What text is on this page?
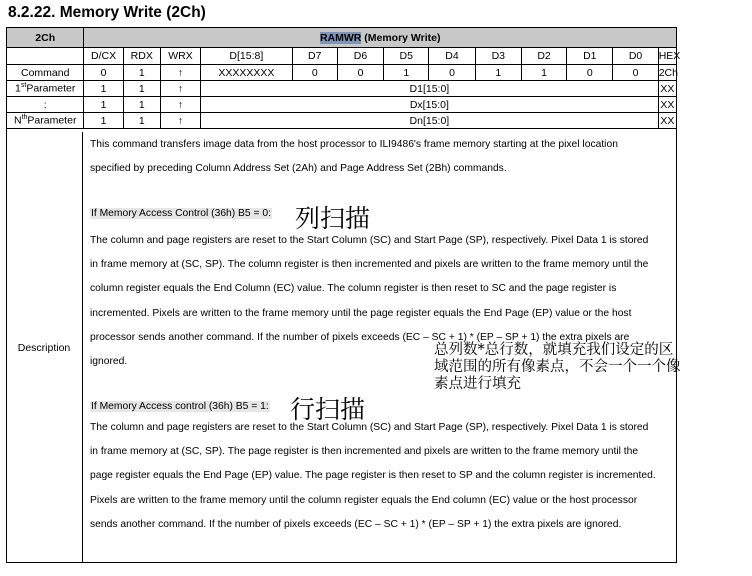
8.2.22. Memory Write (2Ch)
2Ch	RAMWR (Memory Write)												
	D/CX	RDX	WRX	D[15:8]	D7	D6	D5	D4	D3	D2	D1	D0	HEX
Command	0	1	↑	XXXXXXXX	0	0	1	0	1	1	0	0	2Ch
1stParameter	1	1	↑	D1[15:0]									XX
:	1	1	↑	Dx[15:0]									XX
$N^{th}Parameter$	1	1	↑	Dn[15:0]									XX
Description
This command transfers image data from the host processor to ILI9486's frame memory starting at the pixel location
specified by preceding Column Address Set (2Ah) and Page Address Set (2Bh) commands.
If Memory Access Control (36h) B5 = 0: 列扫描
The column and page registers are reset to the Start Column (SC) and Start Page (SP), respectively. Pixel Data 1 is stored
in frame memory at (SC, SP). The column register is then incremented and pixels are written to the frame memory until the
column register equals the End Column (EC) value. The column register is then reset to SC and the page register is
incremented. Pixels are written to the frame memory until the page register equals the End Page (EP) value or the host
processor sends another command. If the number of pixels exceeds (EC – SC + 1) * (EP – SP + 1) the extra pixels are
ignored.
If Memory Access control (36h) B5 = 1: 行扫描
The column and page registers are reset to the Start Column (SC) and Start Page (SP), respectively. Pixel Data 1 is stored
in frame memory at (SC, SP). The page register is then incremented and pixels are written to the frame memory until the
page register equals the End Page (EP) value. The page register is then reset to SP and the column register is incremented.
Pixels are written to the frame memory until the column register equals the End column (EC) value or the host processor
sends another command. If the number of pixels exceeds (EC – SC + 1) * (EP – SP + 1) the extra pixels are ignored.
总列数*总行数，就填充我们设定的区
域范围的所有像素点，不会一个一个像
素点进行填充
